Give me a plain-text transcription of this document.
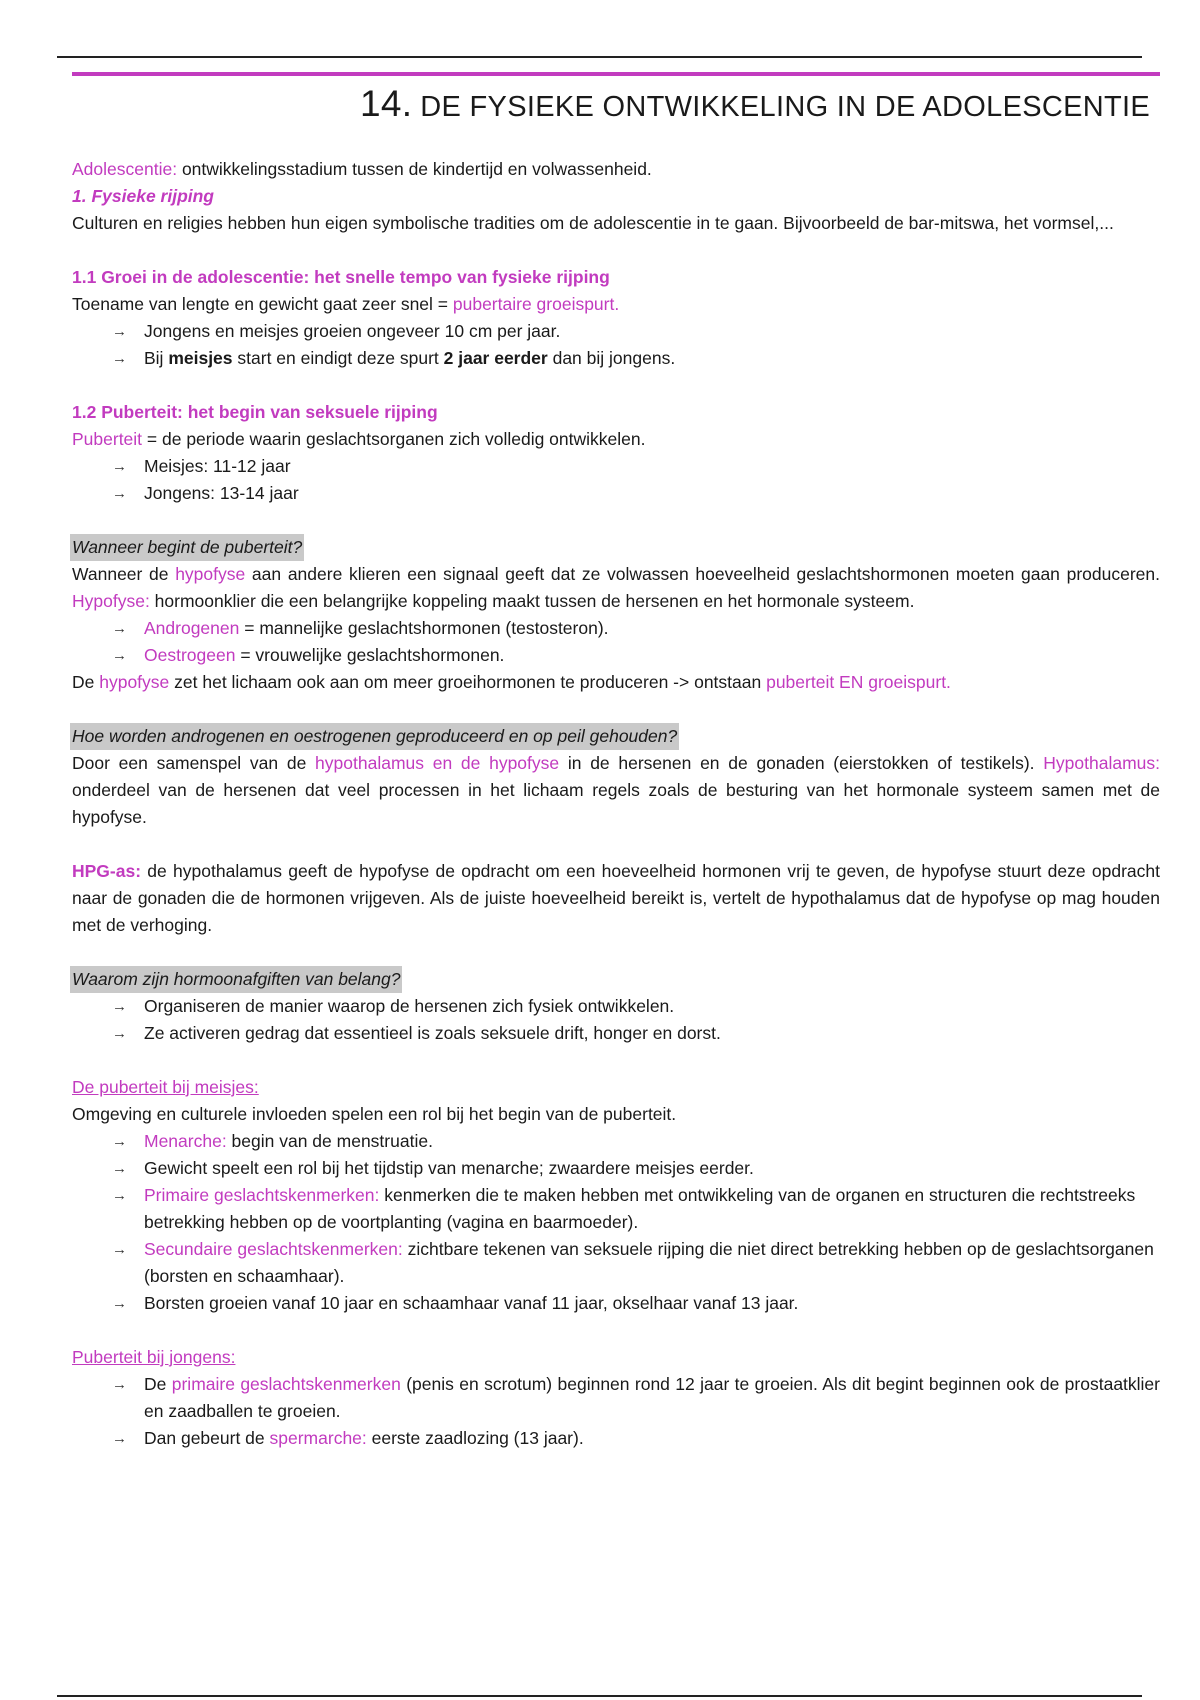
14. DE FYSIEKE ONTWIKKELING IN DE ADOLESCENTIE
Adolescentie: ontwikkelingsstadium tussen de kindertijd en volwassenheid.
1. Fysieke rijping
Culturen en religies hebben hun eigen symbolische tradities om de adolescentie in te gaan. Bijvoorbeeld de bar-mitswa, het vormsel,...
1.1 Groei in de adolescentie: het snelle tempo van fysieke rijping
Toename van lengte en gewicht gaat zeer snel = pubertaire groeispurt.
→ Jongens en meisjes groeien ongeveer 10 cm per jaar.
→ Bij meisjes start en eindigt deze spurt 2 jaar eerder dan bij jongens.
1.2 Puberteit: het begin van seksuele rijping
Puberteit = de periode waarin geslachtsorganen zich volledig ontwikkelen.
→ Meisjes: 11-12 jaar
→ Jongens: 13-14 jaar
Wanneer begint de puberteit?
Wanneer de hypofyse aan andere klieren een signaal geeft dat ze volwassen hoeveelheid geslachtshormonen moeten gaan produceren. Hypofyse: hormoonklier die een belangrijke koppeling maakt tussen de hersenen en het hormonale systeem.
→ Androgenen = mannelijke geslachtshormonen (testosteron).
→ Oestrogeen = vrouwelijke geslachtshormonen.
De hypofyse zet het lichaam ook aan om meer groeihormonen te produceren -> ontstaan puberteit EN groeispurt.
Hoe worden androgenen en oestrogenen geproduceerd en op peil gehouden?
Door een samenspel van de hypothalamus en de hypofyse in de hersenen en de gonaden (eierstokken of testikels). Hypothalamus: onderdeel van de hersenen dat veel processen in het lichaam regels zoals de besturing van het hormonale systeem samen met de hypofyse.
HPG-as: de hypothalamus geeft de hypofyse de opdracht om een hoeveelheid hormonen vrij te geven, de hypofyse stuurt deze opdracht naar de gonaden die de hormonen vrijgeven. Als de juiste hoeveelheid bereikt is, vertelt de hypothalamus dat de hypofyse op mag houden met de verhoging.
Waarom zijn hormoonafgiften van belang?
→ Organiseren de manier waarop de hersenen zich fysiek ontwikkelen.
→ Ze activeren gedrag dat essentieel is zoals seksuele drift, honger en dorst.
De puberteit bij meisjes:
Omgeving en culturele invloeden spelen een rol bij het begin van de puberteit.
→ Menarche: begin van de menstruatie.
→ Gewicht speelt een rol bij het tijdstip van menarche; zwaardere meisjes eerder.
→ Primaire geslachtskenmerken: kenmerken die te maken hebben met ontwikkeling van de organen en structuren die rechtstreeks betrekking hebben op de voortplanting (vagina en baarmoeder).
→ Secundaire geslachtskenmerken: zichtbare tekenen van seksuele rijping die niet direct betrekking hebben op de geslachtsorganen (borsten en schaamhaar).
→ Borsten groeien vanaf 10 jaar en schaamhaar vanaf 11 jaar, okselhaar vanaf 13 jaar.
Puberteit bij jongens:
→ De primaire geslachtskenmerken (penis en scrotum) beginnen rond 12 jaar te groeien. Als dit begint beginnen ook de prostaatklier en zaadballen te groeien.
→ Dan gebeurt de spermarche: eerste zaadlozing (13 jaar).
